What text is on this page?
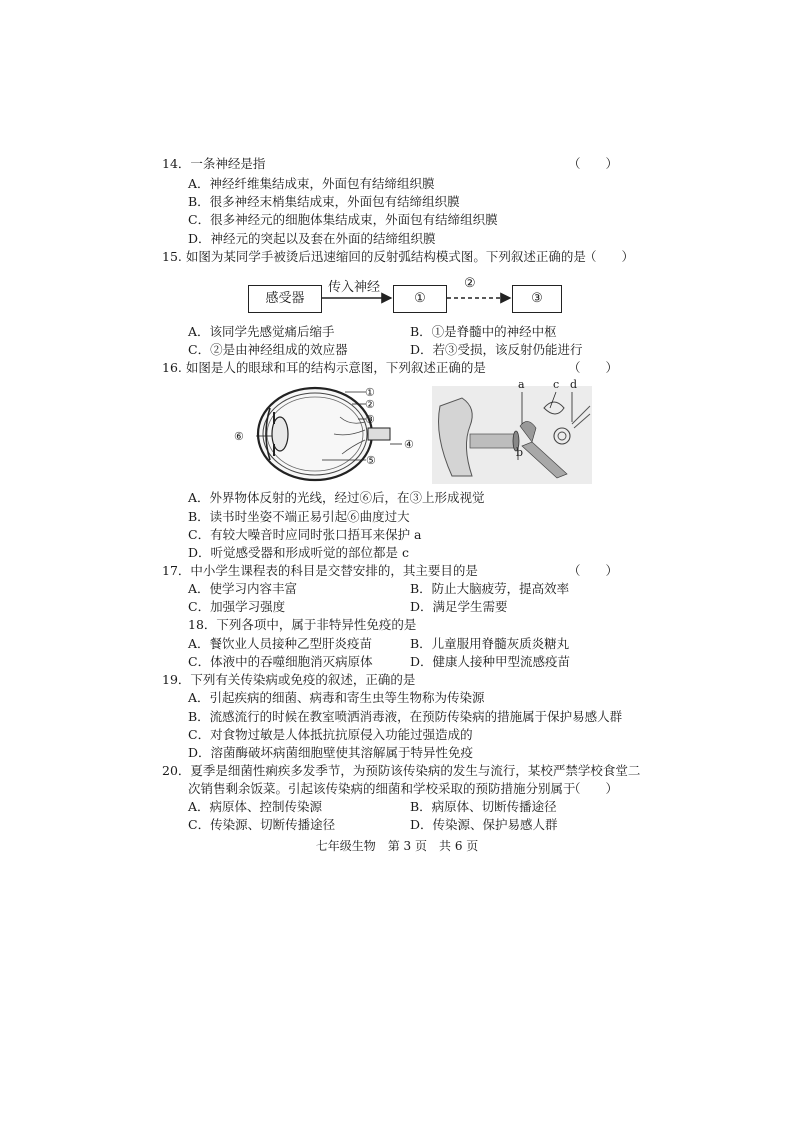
14．一条神经是指	（　　）
A．神经纤维集结成束，外面包有结缔组织膜
B．很多神经末梢集结成束，外面包有结缔组织膜
C．很多神经元的细胞体集结成束，外面包有结缔组织膜
D．神经元的突起以及套在外面的结缔组织膜
15. 如图为某同学手被烫后迅速缩回的反射弧结构模式图。下列叙述正确的是
（　　）
感受器
传入神经
①
②
③
A．该同学先感觉痛后缩手	B．①是脊髓中的神经中枢
C．②是由神经组成的效应器	D．若③受损，该反射仍能进行
16. 如图是人的眼球和耳的结构示意图，下列叙述正确的是	（　　）
①
②
③
④
⑤
⑥
a	c d
b
A．外界物体反射的光线，经过⑥后，在③上形成视觉
B．读书时坐姿不端正易引起⑥曲度过大
C．有较大噪音时应同时张口捂耳来保护 a
D．听觉感受器和形成听觉的部位都是 c
17．中小学生课程表的科目是交替安排的，其主要目的是	（　　）
A．使学习内容丰富	B．防止大脑疲劳，提高效率
C．加强学习强度	D．满足学生需要
18．下列各项中，属于非特异性免疫的是
A．餐饮业人员接种乙型肝炎疫苗	B．儿童服用脊髓灰质炎糖丸
C．体液中的吞噬细胞消灭病原体	D．健康人接种甲型流感疫苗
19．下列有关传染病或免疫的叙述，正确的是
A．引起疾病的细菌、病毒和寄生虫等生物称为传染源
B．流感流行的时候在教室喷洒消毒液，在预防传染病的措施属于保护易感人群
C．对食物过敏是人体抵抗抗原侵入功能过强造成的
D．溶菌酶破坏病菌细胞壁使其溶解属于特异性免疫
20．夏季是细菌性痢疾多发季节，为预防该传染病的发生与流行，某校严禁学校食堂二
次销售剩余饭菜。引起该传染病的细菌和学校采取的预防措施分别属于
（　　）
A．病原体、控制传染源	B．病原体、切断传播途径
C．传染源、切断传播途径	D．传染源、保护易感人群
七年级生物　第 3 页　共 6 页
